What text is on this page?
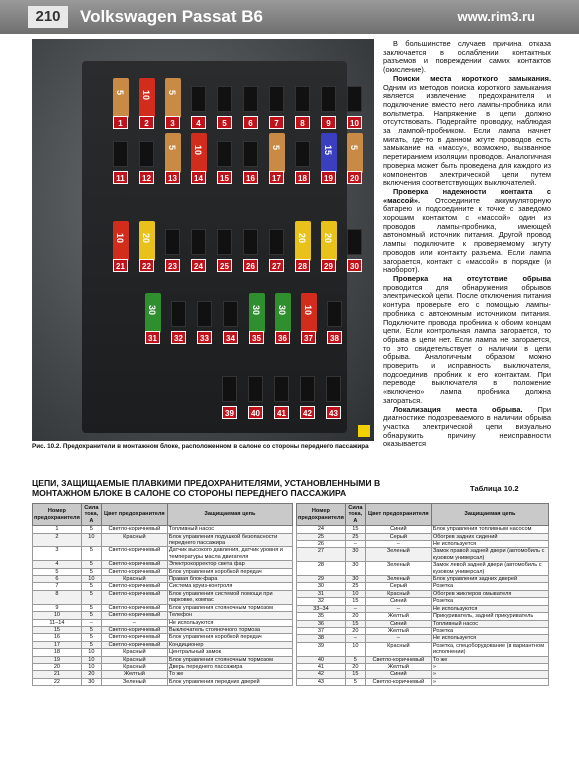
210	Volkswagen Passat B6	www.rim3.ru
5
1
10
2
5
3	4	5	6	7	8	9	10
11	12
5
13
10
14	15	16
5
17	18
15
19
5
20
10
21
20
22	23	24	25	26	27
20
28
20
29	30
30
31	32	33	34
30
35
30
36
10
37	38
39	40	41	42	43
Рис. 10.2. Предохранители в монтажном блоке, расположенном в салоне со стороны переднего пассажира

В большинстве случаев причина отказа заключается в ослаблении контактных разъемов и повреждении самих контактов (окисление).

Поиски места короткого замыкания. Одним из методов поиска короткого замыкания является извлечение предохранителя и подключение вместо него лампы-пробника или вольтметра. Напряжение в цепи должно отсутствовать. Подергайте проводку, наблюдая за лампой-пробником. Если лампа начнет мигать, где-то в данном жгуте проводов есть замыкание на «массу», возможно, вызванное перетиранием изоляции проводов. Аналогичная проверка может быть проведена для каждого из компонентов электрической цепи путем включения соответствующих выключателей.

Проверка надежности контакта с «массой». Отсоедините аккумуляторную батарею и подсоедините к точке с заведомо хорошим контактом с «массой» один из проводов лампы-пробника, имеющей автономный источник питания. Другой провод лампы подключите к проверяемому жгуту проводов или контакту разъема. Если лампа загорается, контакт с «массой» в порядке (и наоборот).

Проверка на отсутствие обрыва проводится для обнаружения обрывов электрической цепи. После отключения питания контура проверьте его с помощью лампы-пробника с автономным источником питания. Подключите провода пробника к обоим концам цепи. Если контрольная лампа загорается, то обрыва в цепи нет. Если лампа не загорается, то это свидетельствует о наличии в цепи обрыва. Аналогичным образом можно проверить и исправность выключателя, подсоединив пробник к его контактам. При переводе выключателя в положение «включено» лампа пробника должна загораться.

Локализация места обрыва. При диагностике подозреваемого в наличии обрыва участка электрической цепи визуально обнаружить причину неисправности оказывается

ЦЕПИ, ЗАЩИЩАЕМЫЕ ПЛАВКИМИ ПРЕДОХРАНИТЕЛЯМИ, УСТАНОВЛЕННЫМИ В МОНТАЖНОМ БЛОКЕ В САЛОНЕ СО СТОРОНЫ ПЕРЕДНЕГО ПАССАЖИРА	Таблица 10.2
Номер предохранителя	Сила тока, А	Цвет предохранителя	Защищаемая цепь
1	5	Светло-коричневый	Топливный насос
2	10	Красный	Блок управления подушкой безопасности переднего пассажира
3	5	Светло-коричневый	Датчик высокого давления, датчик уровня и температуры масла двигателя
4	5	Светло-коричневый	Электрокорректор света фар
5	5	Светло-коричневый	Блок управления коробкой передач
6	10	Красный	Правая блок-фара
7	5	Светло-коричневый	Система круиз-контроля
8	5	Светло-коричневый	Блок управления системой помощи при парковке, компас
9	5	Светло-коричневый	Блок управления стояночным тормозом
10	5	Светло-коричневый	Телефон
11–14	–	–	Не используются
15	5	Светло-коричневый	Выключатель стояночного тормоза
16	5	Светло-коричневый	Блок управления коробкой передач
17	5	Светло-коричневый	Кондиционер
18	10	Красный	Центральный замок
19	10	Красный	Блок управления стояночным тормозом
20	10	Красный	Дверь переднего пассажира
21	20	Желтый	То же
22	30	Зеленый	Блок управления передних дверей
Номер предохранителя	Сила тока, А	Цвет предохранителя	Защищаемая цепь
24	15	Синий	Блок управления топливным насосом
25	25	Серый	Обогрев задних сидений
26	–	–	Не используется
27	30	Зеленый	Замок правой задней двери (автомобиль с кузовом универсал)
28	30	Зеленый	Замок левой задней двери (автомобиль с кузовом универсал)
29	30	Зеленый	Блок управления задних дверей
30	25	Серый	Розетка
31	10	Красный	Обогрев жиклеров омывателя
32	15	Синий	Розетка
33–34	–	–	Не используются
35	20	Желтый	Прикуриватель, задний прикуриватель
36	15	Синий	Топливный насос
37	20	Желтый	Розетка
38	–	–	Не используется
39	10	Красный	Розетка, спецоборудование (в вариантном исполнении)
40	5	Светло-коричневый	То же
41	20	Желтый	»
42	15	Синий	»
43	5	Светло-коричневый	»
